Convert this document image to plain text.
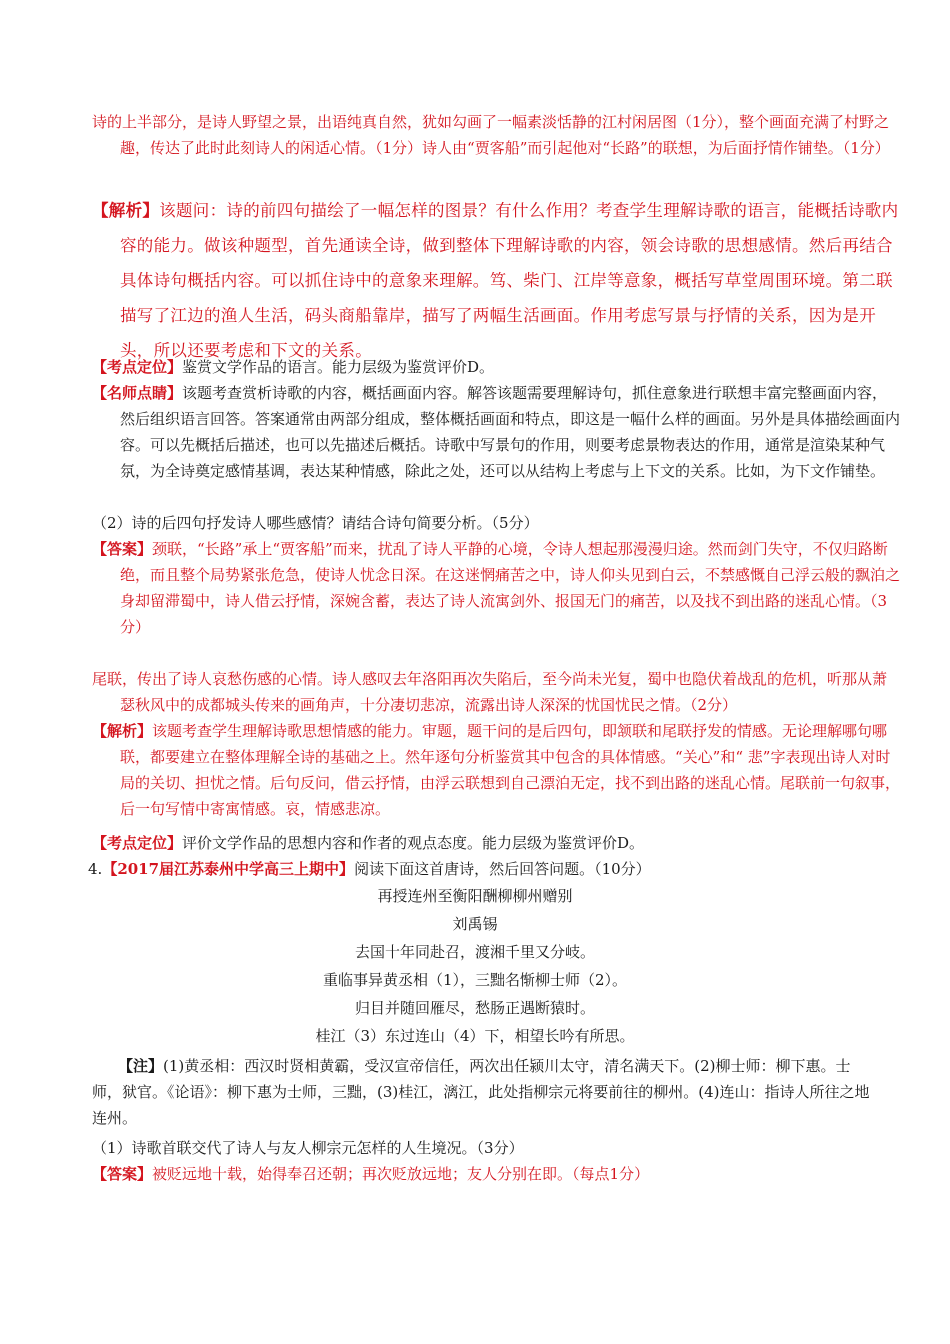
诗的上半部分，是诗人野望之景，出语纯真自然，犹如勾画了一幅素淡恬静的江村闲居图（1分），整个画面充满了村野之趣，传达了此时此刻诗人的闲适心情。（1分）诗人由“贾客船”而引起他对“长路”的联想，为后面抒情作铺垫。（1分）
【解析】该题问：诗的前四句描绘了一幅怎样的图景？有什么作用？考查学生理解诗歌的语言，能概括诗歌内容的能力。做该种题型，首先通读全诗，做到整体下理解诗歌的内容，领会诗歌的思想感情。然后再结合具体诗句概括内容。可以抓住诗中的意象来理解。笃、柴门、江岸等意象，概括写草堂周围环境。第二联描写了江边的渔人生活，码头商船靠岸，描写了两幅生活画面。作用考虑写景与抒情的关系，因为是开头，所以还要考虑和下文的关系。
【考点定位】鉴赏文学作品的语言。能力层级为鉴赏评价D。
【名师点睛】该题考查赏析诗歌的内容，概括画面内容。解答该题需要理解诗句，抓住意象进行联想丰富完整画面内容，然后组织语言回答。答案通常由两部分组成，整体概括画面和特点，即这是一幅什么样的画面。另外是具体描绘画面内容。可以先概括后描述，也可以先描述后概括。诗歌中写景句的作用，则要考虑景物表达的作用，通常是渲染某种气氛，为全诗奠定感情基调，表达某种情感，除此之处，还可以从结构上考虑与上下文的关系。比如，为下文作铺垫。
（2）诗的后四句抒发诗人哪些感情？请结合诗句简要分析。（5分）
【答案】颈联，“长路”承上“贾客船”而来，扰乱了诗人平静的心境，令诗人想起那漫漫归途。然而剑门失守，不仅归路断绝，而且整个局势紧张危急，使诗人忧念日深。在这迷惘痛苦之中，诗人仰头见到白云，不禁感慨自己浮云般的飘泊之身却留滞蜀中，诗人借云抒情，深婉含蓄，表达了诗人流寓剑外、报国无门的痛苦，以及找不到出路的迷乱心情。（3分）
尾联，传出了诗人哀愁伤感的心情。诗人感叹去年洛阳再次失陷后，至今尚未光复，蜀中也隐伏着战乱的危机，听那从萧瑟秋风中的成都城头传来的画角声，十分凄切悲凉，流露出诗人深深的忧国忧民之情。（2分）
【解析】该题考查学生理解诗歌思想情感的能力。审题，题干问的是后四句，即颔联和尾联抒发的情感。无论理解哪句哪联，都要建立在整体理解全诗的基础之上。然年逐句分析鉴赏其中包含的具体情感。“关心”和“ 悲”字表现出诗人对时局的关切、担忧之情。后句反问，借云抒情，由浮云联想到自己漂泊无定，找不到出路的迷乱心情。尾联前一句叙事，后一句写情中寄寓情感。哀，情感悲凉。
【考点定位】评价文学作品的思想内容和作者的观点态度。能力层级为鉴赏评价D。
4.【2017届江苏泰州中学高三上期中】阅读下面这首唐诗，然后回答问题。（10分）
再授连州至衡阳酬柳柳州赠别
刘禹锡
去国十年同赴召，渡湘千里又分岐。
重临事异黄丞相（1），三黜名惭柳士师（2）。
归目并随回雁尽，愁肠正遇断猿时。
桂江（3）东过连山（4）下，相望长吟有所思。
【注】(1)黄丞相：西汉时贤相黄霸，受汉宣帝信任，两次出任颍川太守，清名满天下。(2)柳士师：柳下惠。士师，狱官。《论语》：柳下惠为士师，三黜，(3)桂江，漓江，此处指柳宗元将要前往的柳州。(4)连山：指诗人所往之地连州。
（1）诗歌首联交代了诗人与友人柳宗元怎样的人生境况。（3分）
【答案】被贬远地十载，始得奉召还朝；再次贬放远地；友人分别在即。（每点1分）
